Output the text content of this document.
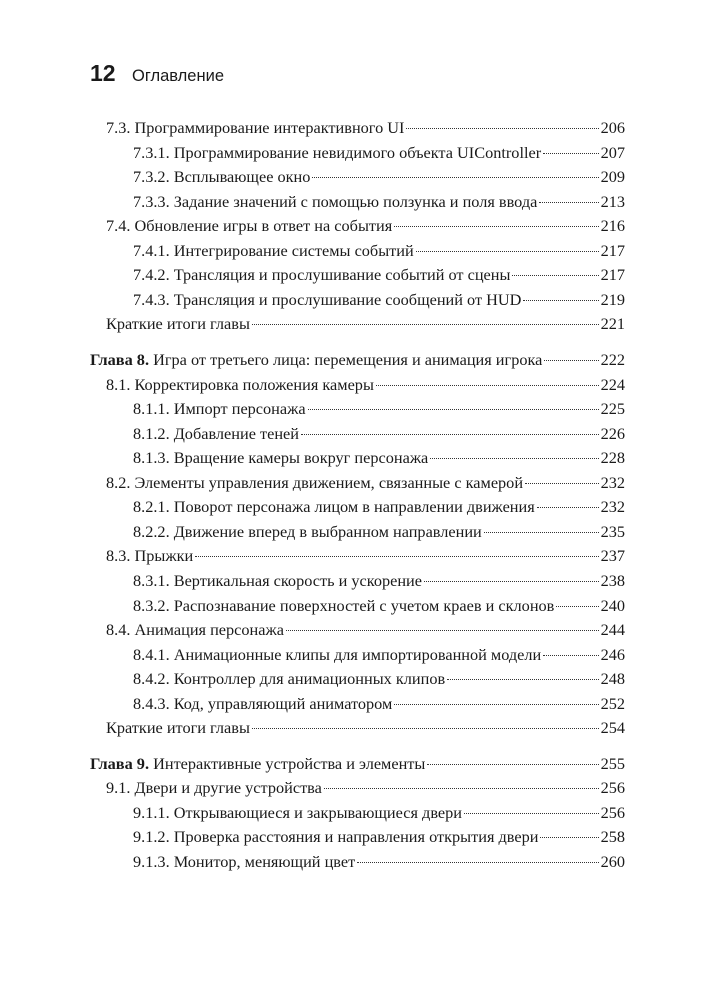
12 Оглавление
7.3. Программирование интерактивного UI	206
7.3.1. Программирование невидимого объекта UIController	207
7.3.2. Всплывающее окно	209
7.3.3. Задание значений с помощью ползунка и поля ввода	213
7.4. Обновление игры в ответ на события	216
7.4.1. Интегрирование системы событий	217
7.4.2. Трансляция и прослушивание событий от сцены	217
7.4.3. Трансляция и прослушивание сообщений от HUD	219
Краткие итоги главы	221
Глава 8. Игра от третьего лица: перемещения и анимация игрока	222
8.1. Корректировка положения камеры	224
8.1.1. Импорт персонажа	225
8.1.2. Добавление теней	226
8.1.3. Вращение камеры вокруг персонажа	228
8.2. Элементы управления движением, связанные с камерой	232
8.2.1. Поворот персонажа лицом в направлении движения	232
8.2.2. Движение вперед в выбранном направлении	235
8.3. Прыжки	237
8.3.1. Вертикальная скорость и ускорение	238
8.3.2. Распознавание поверхностей с учетом краев и склонов	240
8.4. Анимация персонажа	244
8.4.1. Анимационные клипы для импортированной модели	246
8.4.2. Контроллер для анимационных клипов	248
8.4.3. Код, управляющий аниматором	252
Краткие итоги главы	254
Глава 9. Интерактивные устройства и элементы	255
9.1. Двери и другие устройства	256
9.1.1. Открывающиеся и закрывающиеся двери	256
9.1.2. Проверка расстояния и направления открытия двери	258
9.1.3. Монитор, меняющий цвет	260
